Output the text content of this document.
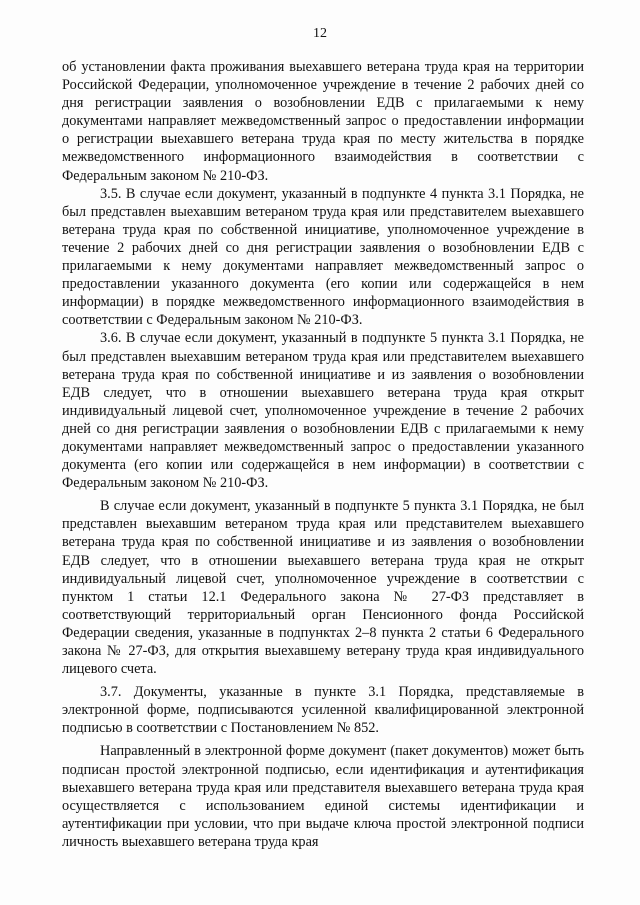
12

об установлении факта проживания выехавшего ветерана труда края на территории Российской Федерации, уполномоченное учреждение в течение 2 рабочих дней со дня регистрации заявления о возобновлении ЕДВ с прилагаемыми к нему документами направляет межведомственный запрос о предоставлении информации о регистрации выехавшего ветерана труда края по месту жительства в порядке межведомственного информационного взаимодействия в соответствии с Федеральным законом № 210-ФЗ.

3.5. В случае если документ, указанный в подпункте 4 пункта 3.1 Порядка, не был представлен выехавшим ветераном труда края или представителем выехавшего ветерана труда края по собственной инициативе, уполномоченное учреждение в течение 2 рабочих дней со дня регистрации заявления о возобновлении ЕДВ с прилагаемыми к нему документами направляет межведомственный запрос о предоставлении указанного документа (его копии или содержащейся в нем информации) в порядке межведомственного информационного взаимодействия в соответствии с Федеральным законом № 210-ФЗ.

3.6. В случае если документ, указанный в подпункте 5 пункта 3.1 Порядка, не был представлен выехавшим ветераном труда края или представителем выехавшего ветерана труда края по собственной инициативе и из заявления о возобновлении ЕДВ следует, что в отношении выехавшего ветерана труда края открыт индивидуальный лицевой счет, уполномоченное учреждение в течение 2 рабочих дней со дня регистрации заявления о возобновлении ЕДВ с прилагаемыми к нему документами направляет межведомственный запрос о предоставлении указанного документа (его копии или содержащейся в нем информации) в соответствии с Федеральным законом № 210-ФЗ.

В случае если документ, указанный в подпункте 5 пункта 3.1 Порядка, не был представлен выехавшим ветераном труда края или представителем выехавшего ветерана труда края по собственной инициативе и из заявления о возобновлении ЕДВ следует, что в отношении выехавшего ветерана труда края не открыт индивидуальный лицевой счет, уполномоченное учреждение в соответствии с пунктом 1 статьи 12.1 Федерального закона № 27-ФЗ представляет в соответствующий территориальный орган Пенсионного фонда Российской Федерации сведения, указанные в подпунктах 2–8 пункта 2 статьи 6 Федерального закона № 27-ФЗ, для открытия выехавшему ветерану труда края индивидуального лицевого счета.

3.7. Документы, указанные в пункте 3.1 Порядка, представляемые в электронной форме, подписываются усиленной квалифицированной электронной подписью в соответствии с Постановлением № 852.

Направленный в электронной форме документ (пакет документов) может быть подписан простой электронной подписью, если идентификация и аутентификация выехавшего ветерана труда края или представителя выехавшего ветерана труда края осуществляется с использованием единой системы идентификации и аутентификации при условии, что при выдаче ключа простой электронной подписи личность выехавшего ветерана труда края
